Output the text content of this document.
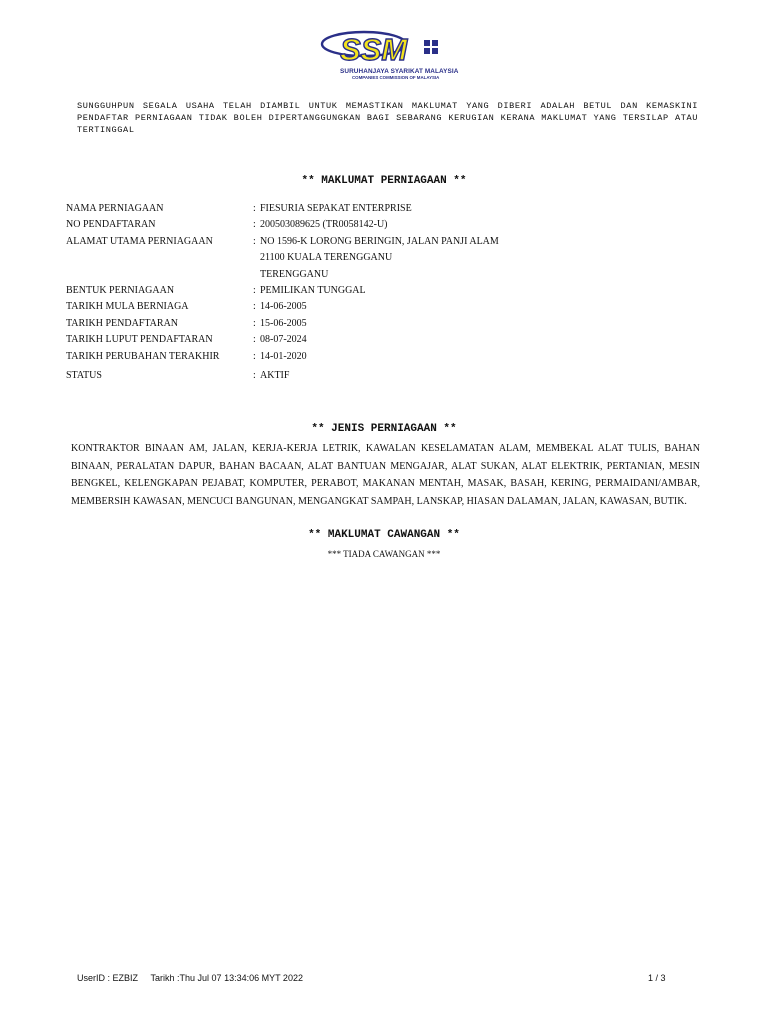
SSM
SURUHANJAYA SYARIKAT MALAYSIA
COMPANIES COMMISSION OF MALAYSIA
SUNGGUHPUN SEGALA USAHA TELAH DIAMBIL UNTUK MEMASTIKAN MAKLUMAT YANG DIBERI ADALAH BETUL DAN KEMASKINI PENDAFTAR PERNIAGAAN TIDAK BOLEH DIPERTANGGUNGKAN BAGI SEBARANG KERUGIAN KERANA MAKLUMAT YANG TERSILAP ATAU TERTINGGAL
** MAKLUMAT PERNIAGAAN **
NAMA PERNIAGAAN	: FIESURIA SEPAKAT ENTERPRISE
NO PENDAFTARAN	: 200503089625 (TR0058142-U)
ALAMAT UTAMA PERNIAGAAN	: NO 1596-K LORONG BERINGIN, JALAN PANJI ALAM
21100 KUALA TERENGGANU
TERENGGANU
BENTUK PERNIAGAAN	: PEMILIKAN TUNGGAL
TARIKH MULA BERNIAGA	: 14-06-2005
TARIKH PENDAFTARAN	: 15-06-2005
TARIKH LUPUT PENDAFTARAN	: 08-07-2024
TARIKH PERUBAHAN TERAKHIR	: 14-01-2020
STATUS	: AKTIF
** JENIS PERNIAGAAN **

KONTRAKTOR BINAAN AM, JALAN, KERJA-KERJA LETRIK, KAWALAN KESELAMATAN ALAM, MEMBEKAL ALAT TULIS, BAHAN BINAAN, PERALATAN DAPUR, BAHAN BACAAN, ALAT BANTUAN MENGAJAR, ALAT SUKAN, ALAT ELEKTRIK, PERTANIAN, MESIN BENGKEL, KELENGKAPAN PEJABAT, KOMPUTER, PERABOT, MAKANAN MENTAH, MASAK, BASAH, KERING, PERMAIDANI/AMBAR, MEMBERSIH KAWASAN, MENCUCI BANGUNAN, MENGANGKAT SAMPAH, LANSKAP, HIASAN DALAMAN, JALAN, KAWASAN, BUTIK.

** MAKLUMAT CAWANGAN **
*** TIADA CAWANGAN ***
UserID : EZBIZ Tarikh :Thu Jul 07 13:34:06 MYT 2022	1 / 3
